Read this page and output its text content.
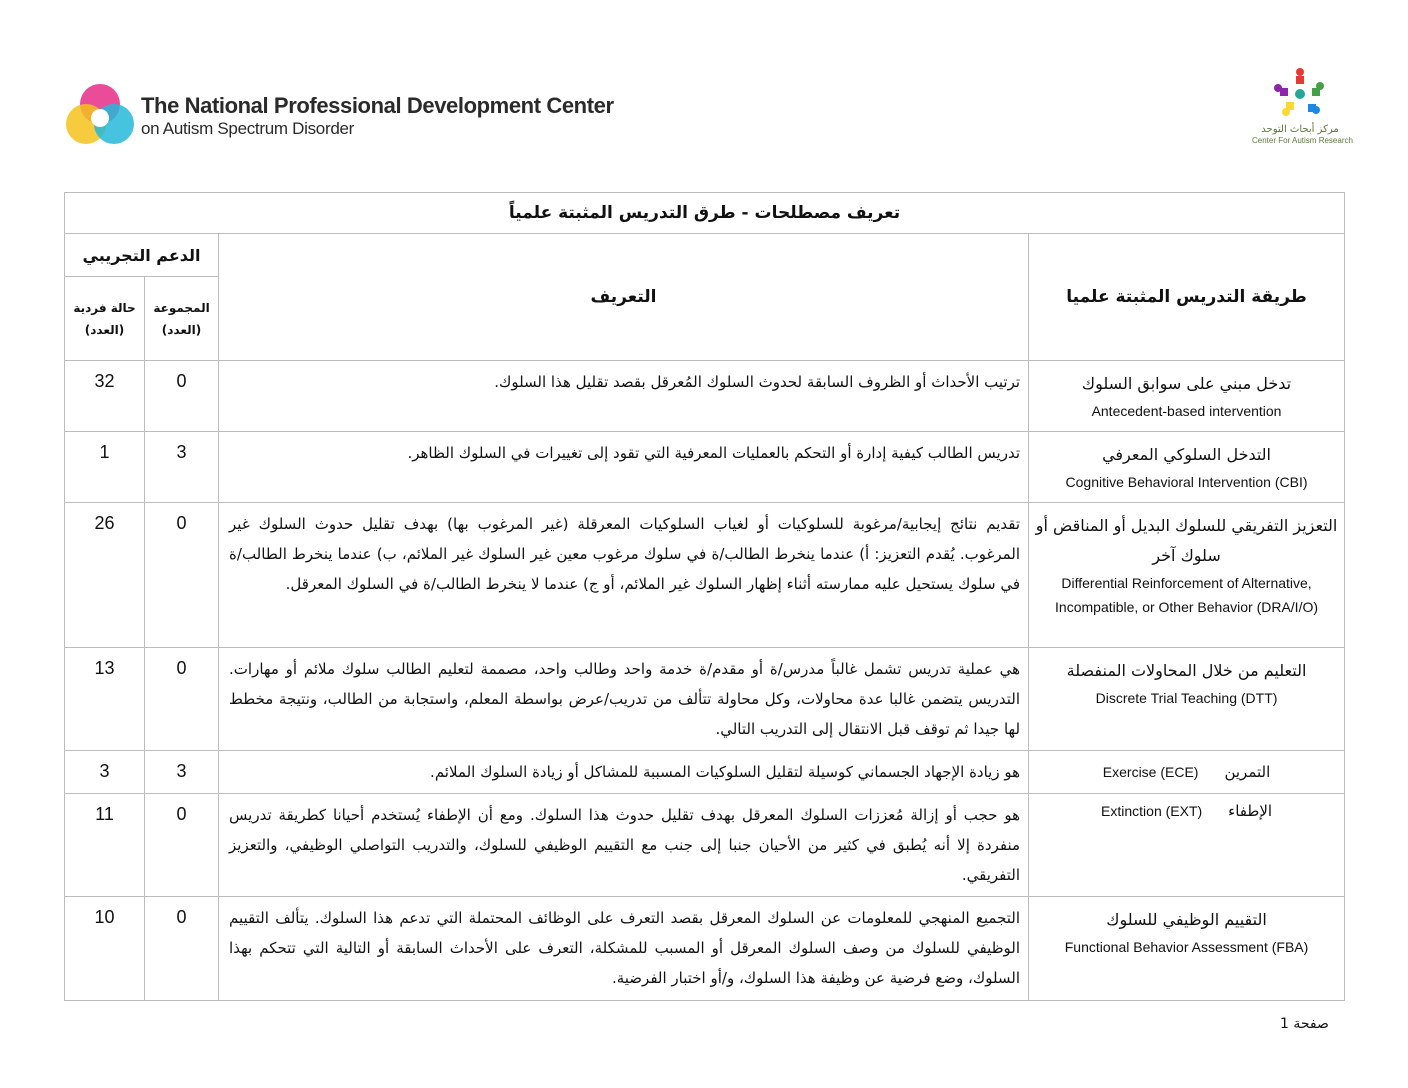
The National Professional Development Center
on Autism Spectrum Disorder	مركز أبحاث التوحد
Center For Autism Research
تعريف مصطلحات - طرق التدريس المثبتة علمياً			
طريقة التدريس المثبتة علميا	التعريف	الدعم التجريبي	
		المجموعة (العدد)	حالة فردية (العدد)

تدخل مبني على سوابق السلوك
Antecedent-based intervention	ترتيب الأحداث أو الظروف السابقة لحدوث السلوك المُعرقل بقصد تقليل هذا السلوك.	0	32

التدخل السلوكي المعرفي
Cognitive Behavioral Intervention (CBI)	تدريس الطالب كيفية إدارة أو التحكم بالعمليات المعرفية التي تقود إلى تغييرات في السلوك الظاهر.	3	1

التعزيز التفريقي للسلوك البديل أو المناقض أو سلوك آخر
Differential Reinforcement of Alternative, Incompatible, or Other Behavior (DRA/I/O)	تقديم نتائج إيجابية/مرغوبة للسلوكيات أو لغياب السلوكيات المعرقلة (غير المرغوب بها) بهدف تقليل حدوث السلوك غير المرغوب. يُقدم التعزيز: أ) عندما ينخرط الطالب/ة في سلوك مرغوب معين غير السلوك غير الملائم، ب) عندما ينخرط الطالب/ة في سلوك يستحيل عليه ممارسته أثناء إظهار السلوك غير الملائم، أو ج) عندما لا ينخرط الطالب/ة في السلوك المعرقل.	0	26

التعليم من خلال المحاولات المنفصلة
Discrete Trial Teaching (DTT)	هي عملية تدريس تشمل غالباً مدرس/ة أو مقدم/ة خدمة واحد وطالب واحد، مصممة لتعليم الطالب سلوك ملائم أو مهارات. التدريس يتضمن غالبا عدة محاولات، وكل محاولة تتألف من تدريب/عرض بواسطة المعلم، واستجابة من الطالب، ونتيجة مخطط لها جيدا ثم توقف قبل الانتقال إلى التدريب التالي.	0	13

التمرين
Exercise (ECE)	هو زيادة الإجهاد الجسماني كوسيلة لتقليل السلوكيات المسببة للمشاكل أو زيادة السلوك الملائم.	3	3

الإطفاء
Extinction (EXT)	هو حجب أو إزالة مُعززات السلوك المعرقل بهدف تقليل حدوث هذا السلوك. ومع أن الإطفاء يُستخدم أحيانا كطريقة تدريس منفردة إلا أنه يُطبق في كثير من الأحيان جنبا إلى جنب مع التقييم الوظيفي للسلوك، والتدريب التواصلي الوظيفي، والتعزيز التفريقي.	0	11

التقييم الوظيفي للسلوك
Functional Behavior Assessment (FBA)	التجميع المنهجي للمعلومات عن السلوك المعرقل بقصد التعرف على الوظائف المحتملة التي تدعم هذا السلوك. يتألف التقييم الوظيفي للسلوك من وصف السلوك المعرقل أو المسبب للمشكلة، التعرف على الأحداث السابقة أو التالية التي تتحكم بهذا السلوك، وضع فرضية عن وظيفة هذا السلوك، و/أو اختبار الفرضية.	0	10
صفحة 1
